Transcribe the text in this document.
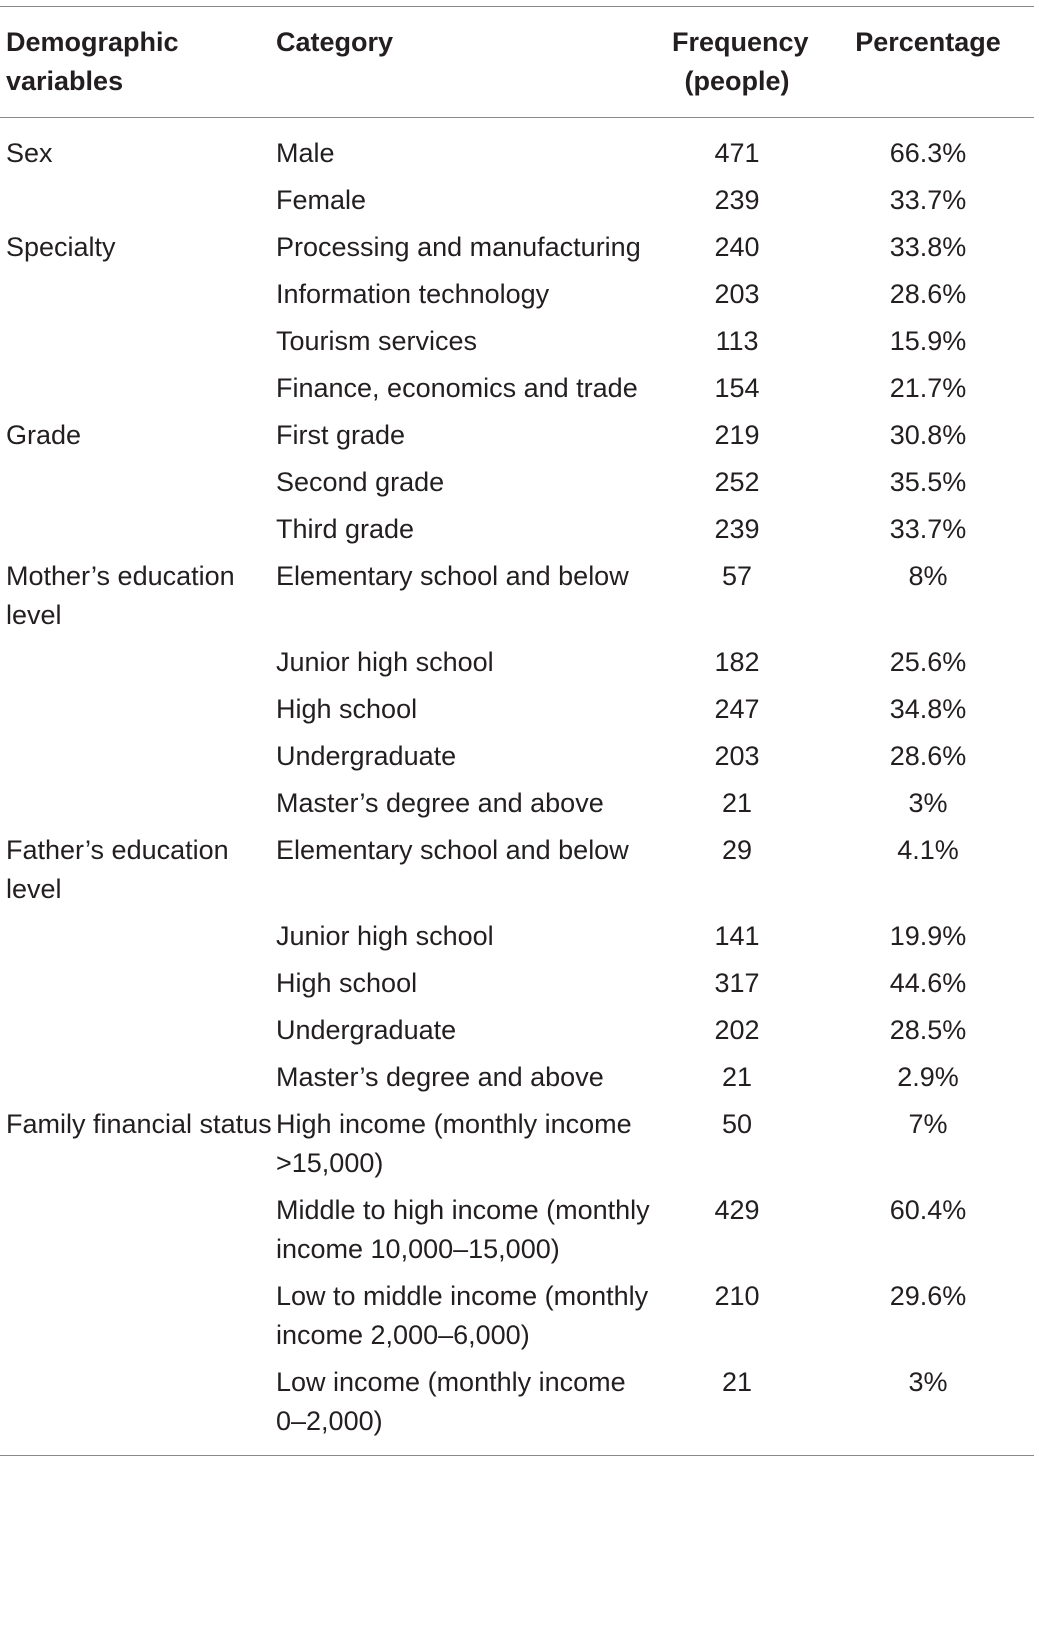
Demographic variables	Category	Frequency (people)	Percentage
Sex	Male	471	66.3%
	Female	239	33.7%
Specialty	Processing and manufacturing	240	33.8%
	Information technology	203	28.6%
	Tourism services	113	15.9%
	Finance, economics and trade	154	21.7%
Grade	First grade	219	30.8%
	Second grade	252	35.5%
	Third grade	239	33.7%
Mother’s education level	Elementary school and below	57	8%
	Junior high school	182	25.6%
	High school	247	34.8%
	Undergraduate	203	28.6%
	Master’s degree and above	21	3%
Father’s education level	Elementary school and below	29	4.1%
	Junior high school	141	19.9%
	High school	317	44.6%
	Undergraduate	202	28.5%
	Master’s degree and above	21	2.9%
Family financial status	High income (monthly income >15,000)	50	7%
	Middle to high income (monthly income 10,000–15,000)	429	60.4%
	Low to middle income (monthly income 2,000–6,000)	210	29.6%
	Low income (monthly income 0–2,000)	21	3%
